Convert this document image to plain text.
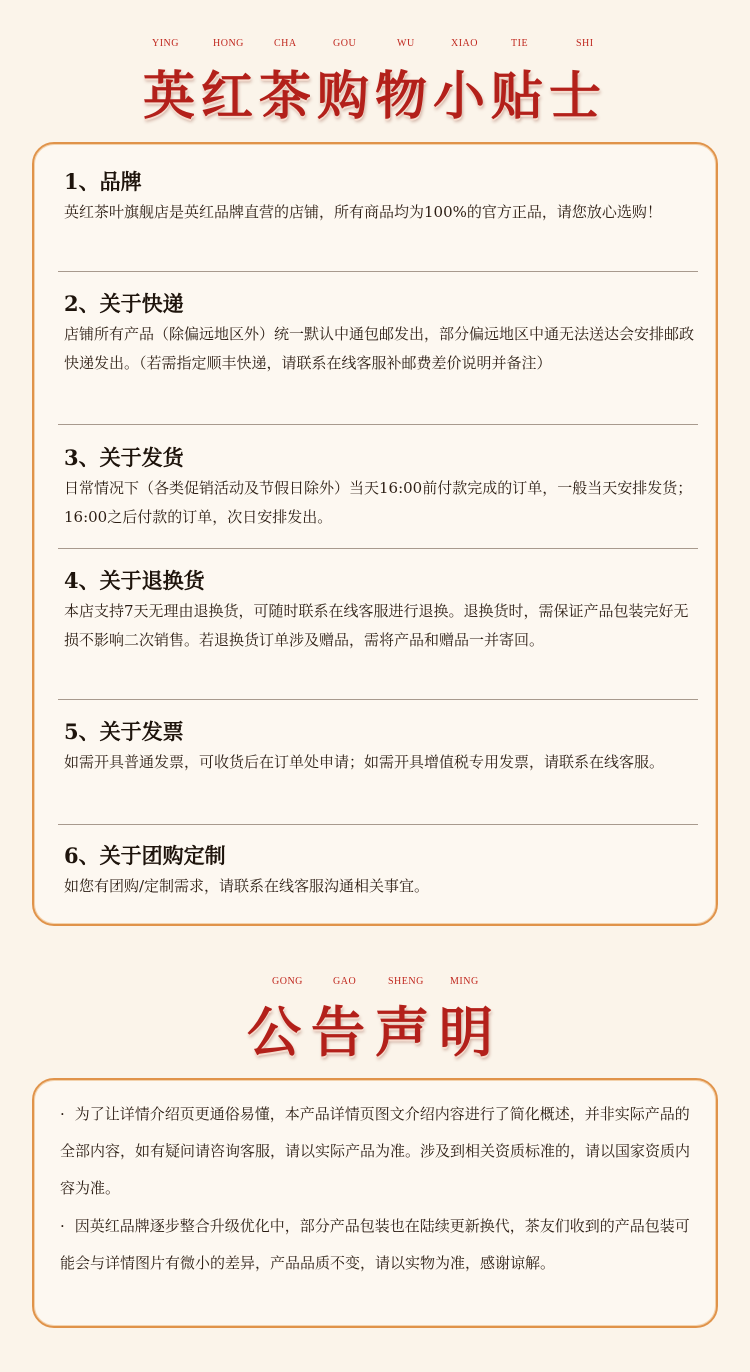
YING	HONG	CHA	GOU	WU	XIAO	TIE	SHI
英红茶购物小贴士
1、品牌
英红茶叶旗舰店是英红品牌直营的店铺，所有商品均为100%的官方正品，请您放心选购！
2、关于快递
店铺所有产品（除偏远地区外）统一默认中通包邮发出，部分偏远地区中通无法送达会安排邮政快递发出。（若需指定顺丰快递，请联系在线客服补邮费差价说明并备注）
3、关于发货
日常情况下（各类促销活动及节假日除外）当天16:00前付款完成的订单，一般当天安排发货；16:00之后付款的订单，次日安排发出。
4、关于退换货
本店支持7天无理由退换货，可随时联系在线客服进行退换。退换货时，需保证产品包装完好无损不影响二次销售。若退换货订单涉及赠品，需将产品和赠品一并寄回。
5、关于发票
如需开具普通发票，可收货后在订单处申请；如需开具增值税专用发票，请联系在线客服。
6、关于团购定制
如您有团购/定制需求，请联系在线客服沟通相关事宜。
GONG	GAO	SHENG	MING
公告声明
· 为了让详情介绍页更通俗易懂，本产品详情页图文介绍内容进行了简化概述，并非实际产品的全部内容，如有疑问请咨询客服，请以实际产品为准。涉及到相关资质标准的，请以国家资质内容为准。
· 因英红品牌逐步整合升级优化中，部分产品包装也在陆续更新换代，茶友们收到的产品包装可能会与详情图片有微小的差异，产品品质不变，请以实物为准，感谢谅解。
